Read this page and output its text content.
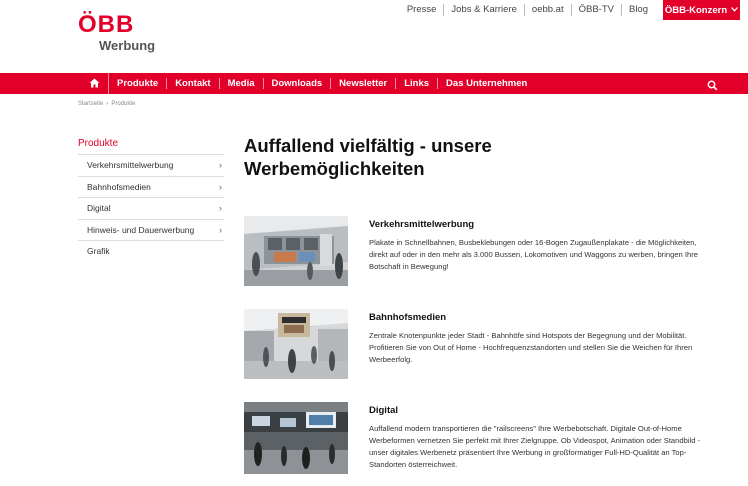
ÖBB
Werbung
Presse	Jobs & Karriere	oebb.at	ÖBB-TV	Blog	ÖBB-Konzern
Produkte	Kontakt	Media	Downloads	Newsletter	Links	Das Unternehmen
Startseite › Produkte
Produkte
Verkehrsmittelwerbung	›
Bahnhofsmedien	›
Digital	›
Hinweis- und Dauerwerbung	›
Grafik
Auffallend vielfältig - unsere Werbemöglichkeiten
Verkehrsmittelwerbung
Plakate in Schnellbahnen, Busbeklebungen oder 16-Bogen Zugaußenplakate - die Möglichkeiten, direkt auf oder in den mehr als 3.000 Bussen, Lokomotiven und Waggons zu werben, bringen Ihre Botschaft in Bewegung!
Bahnhofsmedien
Zentrale Knotenpunkte jeder Stadt - Bahnhöfe sind Hotspots der Begegnung und der Mobilität. Profitieren Sie von Out of Home - Hochfrequenzstandorten und stellen Sie die Weichen für Ihren Werbeerfolg.
Digital
Auffallend modern transportieren die "railscreens" Ihre Werbebotschaft. Digitale Out-of-Home Werbeformen vernetzen Sie perfekt mit Ihrer Zielgruppe. Ob Videospot, Animation oder Standbild - unser digitales Werbenetz präsentiert Ihre Werbung in großformatiger Full-HD-Qualität an Top-Standorten österreichweit.
